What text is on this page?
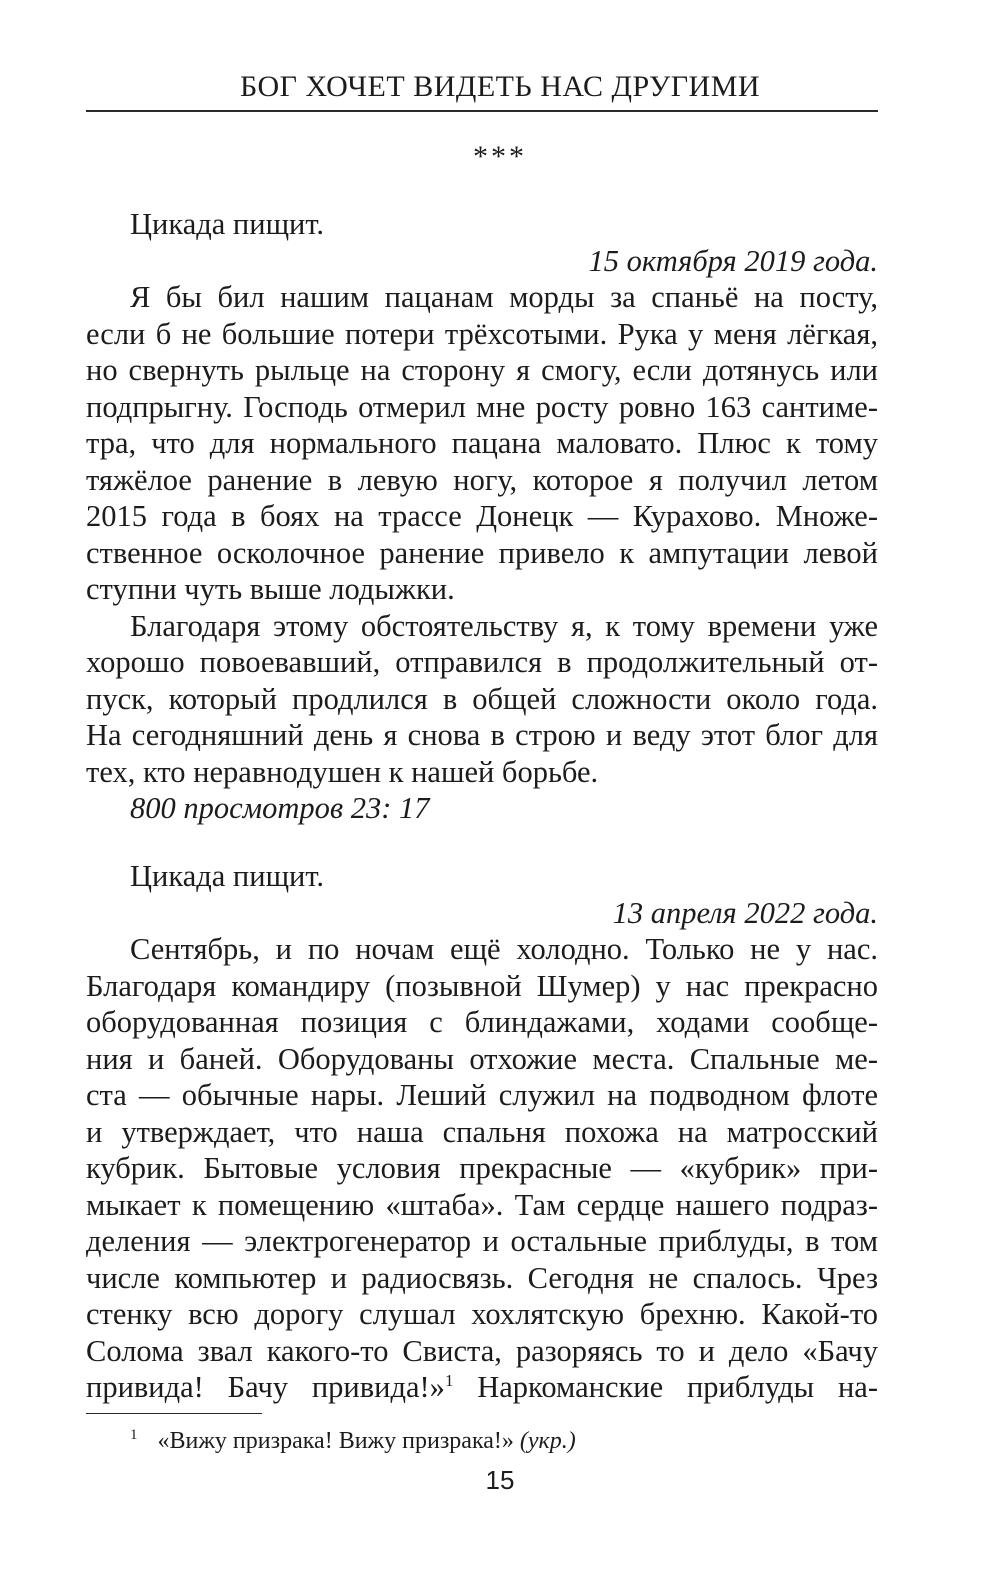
БОГ ХОЧЕТ ВИДЕТЬ НАС ДРУГИМИ
***
Цикада пищит.
15 октября 2019 года.
Я бы бил нашим пацанам морды за спаньё на посту,
если б не большие потери трёхсотыми. Рука у меня лёгкая,
но свернуть рыльце на сторону я смогу, если дотянусь или
подпрыгну. Господь отмерил мне росту ровно 163 сантиме-
тра, что для нормального пацана маловато. Плюс к тому
тяжёлое ранение в левую ногу, которое я получил летом
2015 года в боях на трассе Донецк — Курахово. Множе-
ственное осколочное ранение привело к ампутации левой
ступни чуть выше лодыжки.
Благодаря этому обстоятельству я, к тому времени уже
хорошо повоевавший, отправился в продолжительный от-
пуск, который продлился в общей сложности около года.
На сегодняшний день я снова в строю и веду этот блог для
тех, кто неравнодушен к нашей борьбе.
800 просмотров 23: 17
Цикада пищит.
13 апреля 2022 года.
Сентябрь, и по ночам ещё холодно. Только не у нас.
Благодаря командиру (позывной Шумер) у нас прекрасно
оборудованная позиция с блиндажами, ходами сообще-
ния и баней. Оборудованы отхожие места. Спальные ме-
ста — обычные нары. Леший служил на подводном флоте
и утверждает, что наша спальня похожа на матросский
кубрик. Бытовые условия прекрасные — «кубрик» при-
мыкает к помещению «штаба». Там сердце нашего подраз-
деления — электрогенератор и остальные приблуды, в том
числе компьютер и радиосвязь. Сегодня не спалось. Чрез
стенку всю дорогу слушал хохлятскую брехню. Какой-то
Солома звал какого-то Свиста, разоряясь то и дело «Бачу
привида! Бачу привида!»$^1$ Наркоманские приблуды на-
$^1$ «Вижу призрака! Вижу призрака!» (укр.)
15
